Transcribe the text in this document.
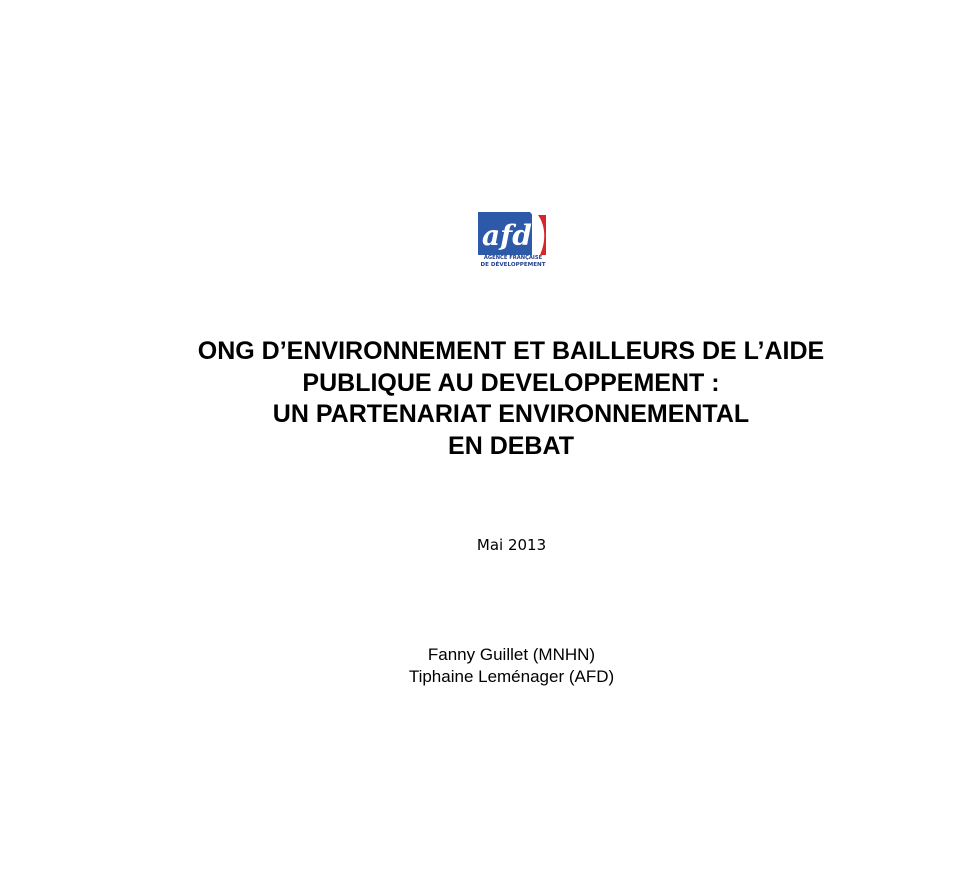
afd
AGENCE FRANÇAISE
DE DÉVELOPPEMENT
ONG D’ENVIRONNEMENT ET BAILLEURS DE L’AIDE
PUBLIQUE AU DEVELOPPEMENT :
UN PARTENARIAT ENVIRONNEMENTAL
EN DEBAT
Mai 2013
Fanny Guillet (MNHN)
Tiphaine Leménager (AFD)
